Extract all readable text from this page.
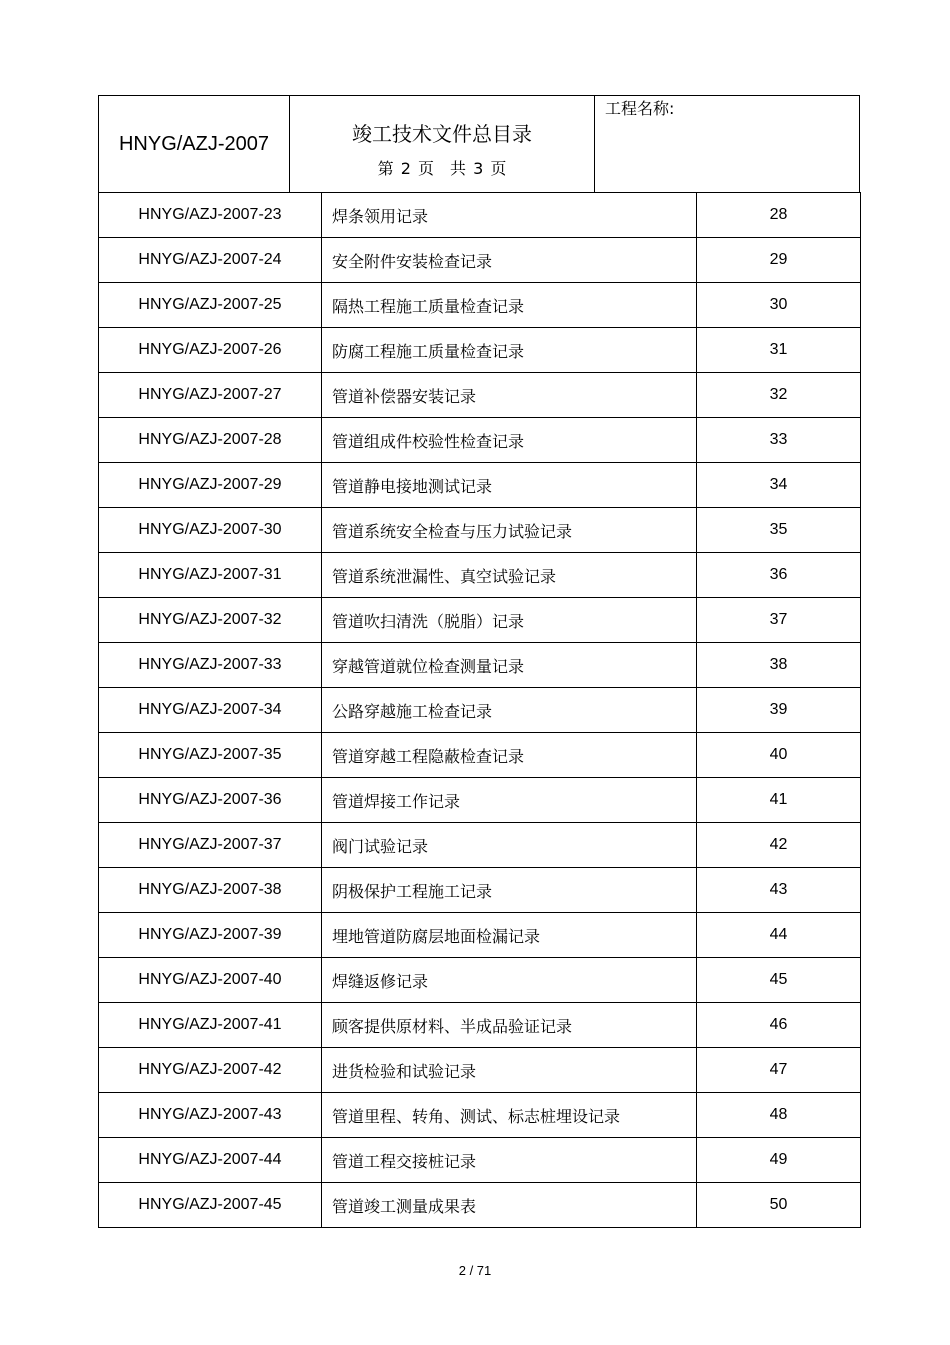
HNYG/AZJ-2007	竣工技术文件总目录
第 2 页　共 3 页
工程名称:
HNYG/AZJ-2007-23	焊条领用记录	28
HNYG/AZJ-2007-24	安全附件安装检查记录	29
HNYG/AZJ-2007-25	隔热工程施工质量检查记录	30
HNYG/AZJ-2007-26	防腐工程施工质量检查记录	31
HNYG/AZJ-2007-27	管道补偿器安装记录	32
HNYG/AZJ-2007-28	管道组成件校验性检查记录	33
HNYG/AZJ-2007-29	管道静电接地测试记录	34
HNYG/AZJ-2007-30	管道系统安全检查与压力试验记录	35
HNYG/AZJ-2007-31	管道系统泄漏性、真空试验记录	36
HNYG/AZJ-2007-32	管道吹扫清洗（脱脂）记录	37
HNYG/AZJ-2007-33	穿越管道就位检查测量记录	38
HNYG/AZJ-2007-34	公路穿越施工检查记录	39
HNYG/AZJ-2007-35	管道穿越工程隐蔽检查记录	40
HNYG/AZJ-2007-36	管道焊接工作记录	41
HNYG/AZJ-2007-37	阀门试验记录	42
HNYG/AZJ-2007-38	阴极保护工程施工记录	43
HNYG/AZJ-2007-39	埋地管道防腐层地面检漏记录	44
HNYG/AZJ-2007-40	焊缝返修记录	45
HNYG/AZJ-2007-41	顾客提供原材料、半成品验证记录	46
HNYG/AZJ-2007-42	进货检验和试验记录	47
HNYG/AZJ-2007-43	管道里程、转角、测试、标志桩埋设记录	48
HNYG/AZJ-2007-44	管道工程交接桩记录	49
HNYG/AZJ-2007-45	管道竣工测量成果表	50
2 / 71
